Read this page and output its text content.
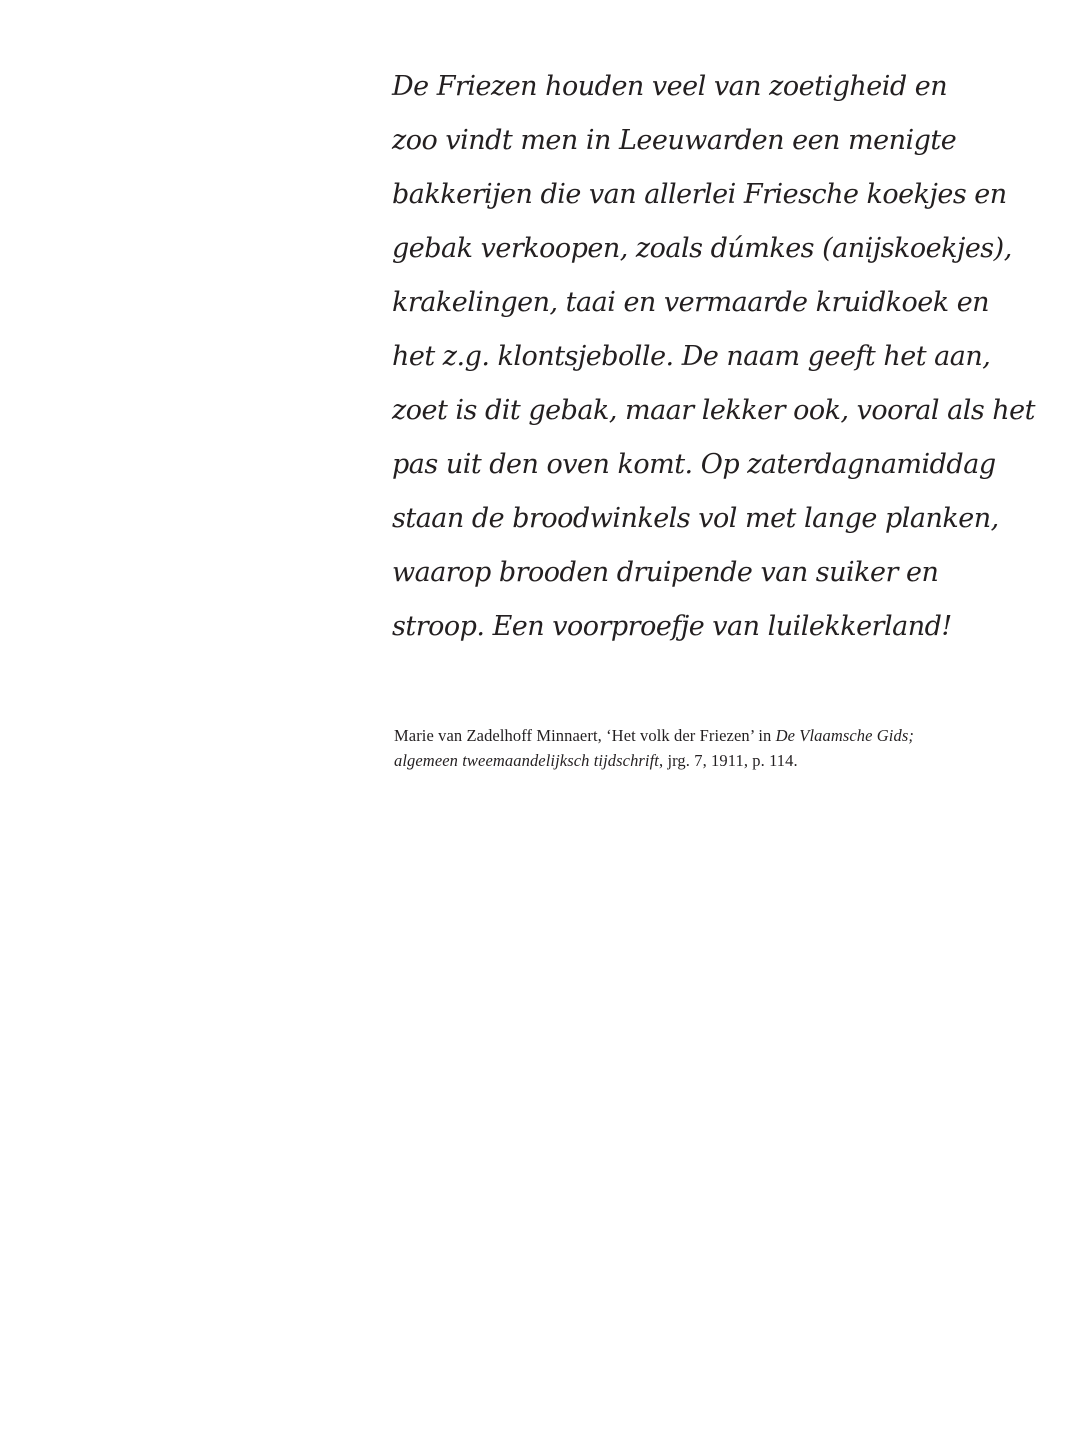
De Friezen houden veel van zoetigheid en
zoo vindt men in Leeuwarden een menigte
bakkerijen die van allerlei Friesche koekjes en
gebak verkoopen, zoals dúmkes (anijskoekjes),
krakelingen, taai en vermaarde kruidkoek en
het z.g. klontsjebolle. De naam geeft het aan,
zoet is dit gebak, maar lekker ook, vooral als het
pas uit den oven komt. Op zaterdagnamiddag
staan de broodwinkels vol met lange planken,
waarop brooden druipende van suiker en
stroop. Een voorproefje van luilekkerland!
Marie van Zadelhoff Minnaert, ‘Het volk der Friezen’ in De Vlaamsche Gids;
algemeen tweemaandelijksch tijdschrift, jrg. 7, 1911, p. 114.
